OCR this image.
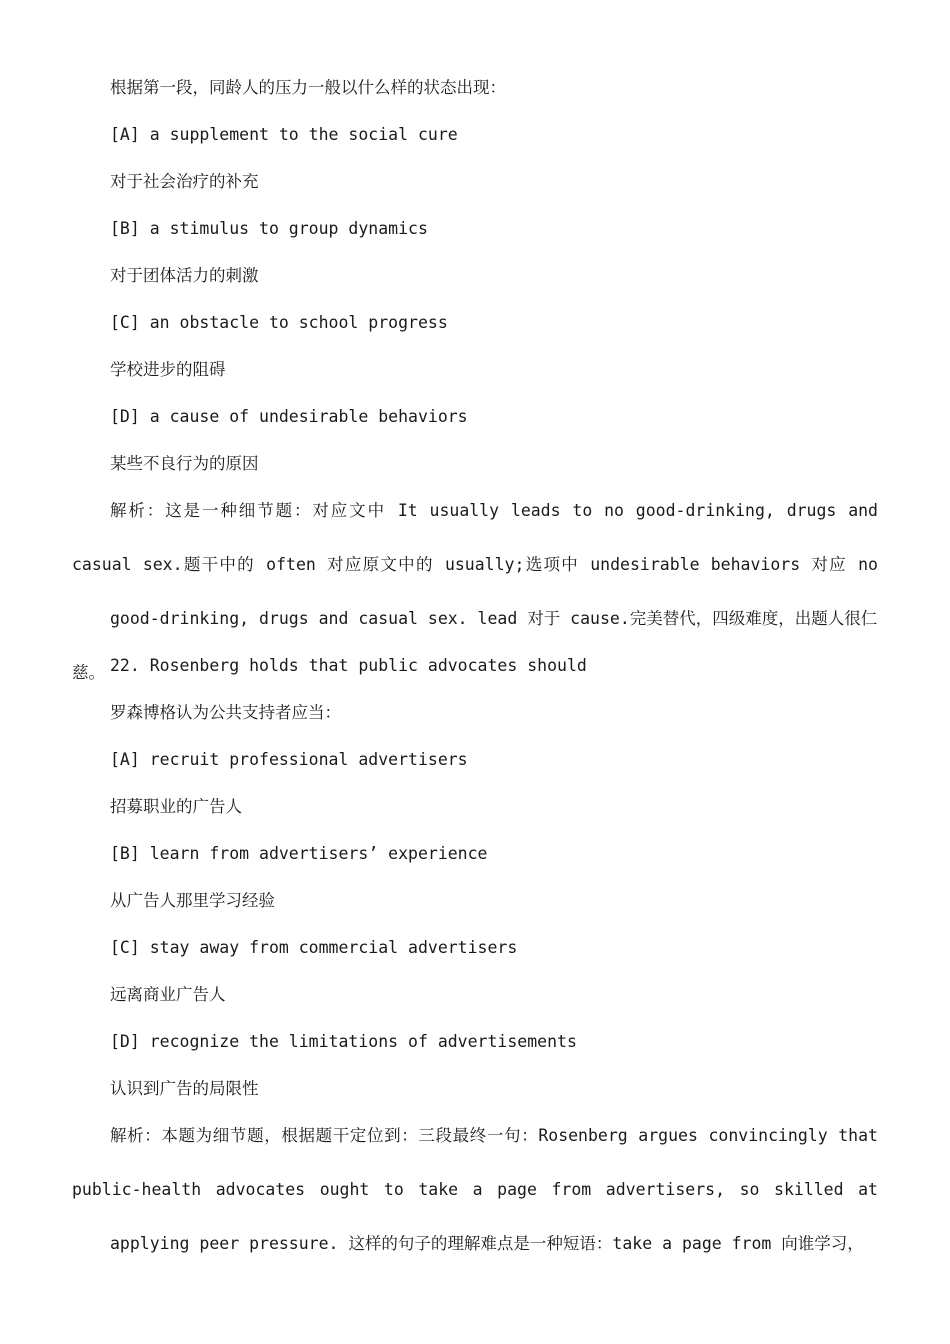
根据第一段，同龄人的压力一般以什么样的状态出现：
[A] a supplement to the social cure
对于社会治疗的补充
[B] a stimulus to group dynamics
对于团体活力的刺激
[C] an obstacle to school progress
学校进步的阻碍
[D] a cause of undesirable behaviors
某些不良行为的原因
解析：这是一种细节题：对应文中 It usually leads to no good-drinking, drugs and casual sex.题干中的 often 对应原文中的 usually;选项中 undesirable behaviors 对应 no
good-drinking, drugs and casual sex. lead 对于 cause.完美替代，四级难度，出题人很仁慈。 22. Rosenberg holds that public advocates should
罗森博格认为公共支持者应当：
[A] recruit professional advertisers
招募职业的广告人
[B] learn from advertisers’ experience
从广告人那里学习经验
[C] stay away from commercial advertisers
远离商业广告人
[D] recognize the limitations of advertisements
认识到广告的局限性
解析：本题为细节题，根据题干定位到：三段最终一句：Rosenberg argues convincingly that public-health advocates ought to take a page from advertisers, so skilled at
applying peer pressure. 这样的句子的理解难点是一种短语：take a page from 向谁学习，
